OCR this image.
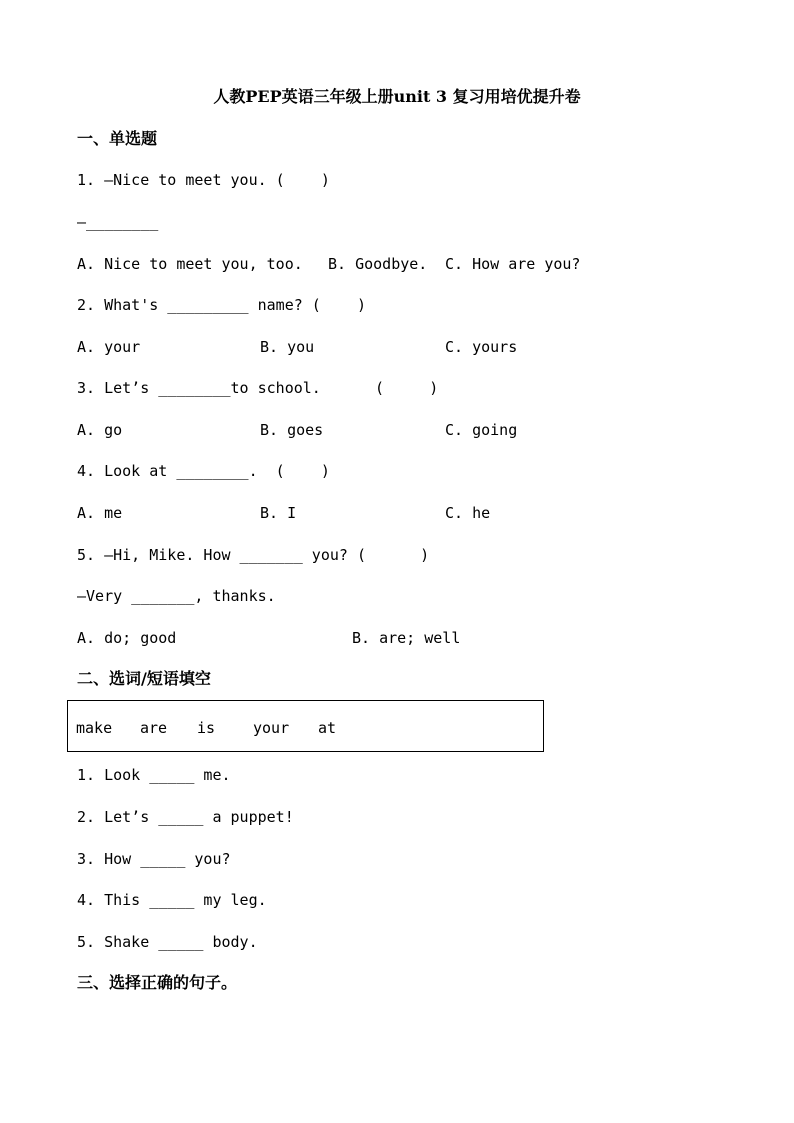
人教PEP英语三年级上册unit 3 复习用培优提升卷
一、单选题
1. —Nice to meet you. (    )
—________
A. Nice to meet you, too. B. Goodbye. C. How are you?
2. What's _________ name? (    )
A. your	B. you	C. yours
3. Let’s ________to school.      (     )
A. go	B. goes	C. going
4. Look at ________.  (    )
A. me	B. I	C. he
5. —Hi, Mike. How _______ you? (      )
—Very _______, thanks.
A. do; good	B. are; well
二、选词/短语填空
make are is	your at
1. Look _____ me.
2. Let’s _____ a puppet!
3. How _____ you?
4. This _____ my leg.
5. Shake _____ body.
三、选择正确的句子。
